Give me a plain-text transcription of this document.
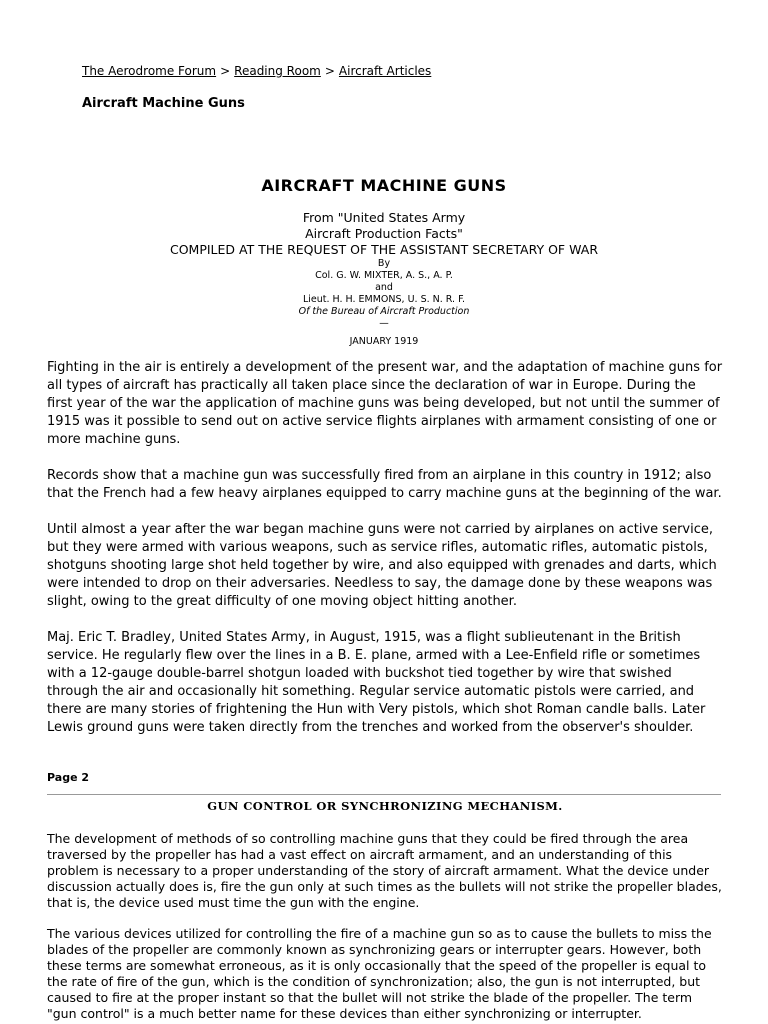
The Aerodrome Forum > Reading Room > Aircraft Articles
Aircraft Machine Guns
AIRCRAFT MACHINE GUNS
From "United States Army
Aircraft Production Facts"
COMPILED AT THE REQUEST OF THE ASSISTANT SECRETARY OF WAR
By
Col. G. W. MIXTER, A. S., A. P.
and
Lieut. H. H. EMMONS, U. S. N. R. F.
Of the Bureau of Aircraft Production
—
JANUARY 1919

Fighting in the air is entirely a development of the present war, and the adaptation of machine guns for all types of aircraft has practically all taken place since the declaration of war in Europe. During the first year of the war the application of machine guns was being developed, but not until the summer of 1915 was it possible to send out on active service flights airplanes with armament consisting of one or more machine guns.

Records show that a machine gun was successfully fired from an airplane in this country in 1912; also that the French had a few heavy airplanes equipped to carry machine guns at the beginning of the war.

Until almost a year after the war began machine guns were not carried by airplanes on active service, but they were armed with various weapons, such as service rifles, automatic rifles, automatic pistols, shotguns shooting large shot held together by wire, and also equipped with grenades and darts, which were intended to drop on their adversaries. Needless to say, the damage done by these weapons was slight, owing to the great difficulty of one moving object hitting another.

Maj. Eric T. Bradley, United States Army, in August, 1915, was a flight sublieutenant in the British service. He regularly flew over the lines in a B. E. plane, armed with a Lee-Enfield rifle or sometimes with a 12-gauge double-barrel shotgun loaded with buckshot tied together by wire that swished through the air and occasionally hit something. Regular service automatic pistols were carried, and there are many stories of frightening the Hun with Very pistols, which shot Roman candle balls. Later Lewis ground guns were taken directly from the trenches and worked from the observer's shoulder.

Page 2
GUN CONTROL OR SYNCHRONIZING MECHANISM.

The development of methods of so controlling machine guns that they could be fired through the area traversed by the propeller has had a vast effect on aircraft armament, and an understanding of this problem is necessary to a proper understanding of the story of aircraft armament. What the device under discussion actually does is, fire the gun only at such times as the bullets will not strike the propeller blades, that is, the device used must time the gun with the engine.

The various devices utilized for controlling the fire of a machine gun so as to cause the bullets to miss the blades of the propeller are commonly known as synchronizing gears or interrupter gears. However, both these terms are somewhat erroneous, as it is only occasionally that the speed of the propeller is equal to the rate of fire of the gun, which is the condition of synchronization; also, the gun is not interrupted, but caused to fire at the proper instant so that the bullet will not strike the blade of the propeller. The term "gun control" is a much better name for these devices than either synchronizing or interrupter.
